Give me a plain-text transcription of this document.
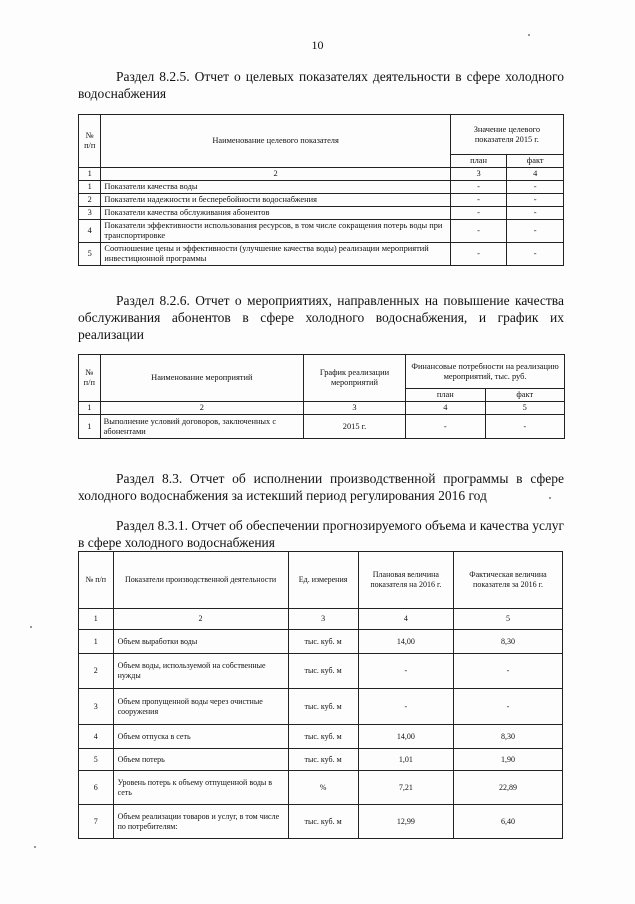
10
Раздел 8.2.5. Отчет о целевых показателях деятельности в сфере холодного водоснабжения
№ п/п	Наименование целевого показателя	Значение целевого показателя 2015 г.	
		план	факт
1	2	3	4
1	Показатели качества воды	-	-
2	Показатели надежности и бесперебойности водоснабжения	-	-
3	Показатели качества обслуживания абонентов	-	-
4	Показатели эффективности использования ресурсов, в том числе сокращения потерь воды при транспортировке	-	-
5	Соотношение цены и эффективности (улучшение качества воды) реализации мероприятий инвестиционной программы	-	-
Раздел 8.2.6. Отчет о мероприятиях, направленных на повышение качества обслуживания абонентов в сфере холодного водоснабжения, и график их реализации
№ п/п	Наименование мероприятий	График реализации мероприятий	Финансовые потребности на реализацию мероприятий, тыс. руб.	
			план	факт
1	2	3	4	5
1	Выполнение условий договоров, заключенных с абонентами	2015 г.	-	-
Раздел 8.3. Отчет об исполнении производственной программы в сфере холодного водоснабжения за истекший период регулирования 2016 год
Раздел 8.3.1. Отчет об обеспечении прогнозируемого объема и качества услуг в сфере холодного водоснабжения
№ п/п	Показатели производственной деятельности	Ед. измерения	Плановая величина показателя на 2016 г.	Фактическая величина показателя за 2016 г.
1	2	3	4	5
1	Объем выработки воды	тыс. куб. м	14,00	8,30
2	Объем воды, используемой на собственные нужды	тыс. куб. м	-	-
3	Объем пропущенной воды через очистные сооружения	тыс. куб. м	-	-
4	Объем отпуска в сеть	тыс. куб. м	14,00	8,30
5	Объем потерь	тыс. куб. м	1,01	1,90
6	Уровень потерь к объему отпущенной воды в сеть	%	7,21	22,89
7	Объем реализации товаров и услуг, в том числе по потребителям:	тыс. куб. м	12,99	6,40
